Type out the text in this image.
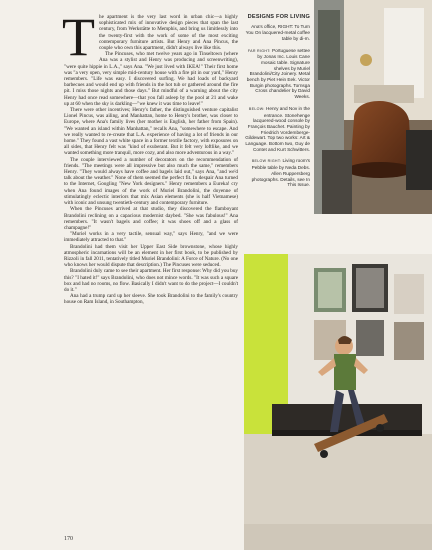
The apartment is the very last word in urban chic—a highly sophisticated mix of innovative design pieces that span the last century, from Werkstätte to Memphis, and bring us limitlessly into the twenty-first with the work of some of the most exciting contemporary furniture artists. But Henry and Ana Pincus, the couple who own this apartment, didn't always live like this.

The Pincuses, who met twelve years ago in Tinseltown (where Ana was a stylist and Henry was producing and screenwriting), "were quite hippie in L.A.," says Ana. "We just lived with IKEA!" Their first home was "a very open, very simple mid-century house with a fire pit in our yard," Henry remembers. "Life was easy. I discovered surfing. We had loads of backyard barbecues and would end up with friends in the hot tub or gathered around the fire pit. I miss those nights and those days." But mindful of a warning about the city Henry had once read somewhere—that you fall asleep by the pool at 21 and wake up at 60 when the sky is darkling—"we knew it was time to leave!"

There were other incentives; Henry's father, the distinguished venture capitalist Lionel Pincus, was ailing, and Manhattan, home to Henry's brother, was closer to Europe, where Ana's family lives (her mother is English, her father from Spain). "We wanted an island within Manhattan," recalls Ana, "somewhere to escape. And we really wanted to re-create that L.A. experience of having a lot of friends in our home." They found a vast white space in a former textile factory, with exposures on all sides, that Henry felt was "kind of exuberant. But it felt very loftlike, and we wanted something more tranquil, more cozy, and also more adventurous in a way."

The couple interviewed a number of decorators on the recommendation of friends. "The meetings were all impressive but also much the same," remembers Henry. "They would always have coffee and bagels laid out," says Ana, "and we'd talk about the weather." None of them seemed the perfect fit. In despair Ana turned to the Internet, Googling "New York designers." Henry remembers a Eureka! cry when Ana found images of the work of Muriel Brandolini, the doyenne of stimulatingly eclectic interiors that mix Asian elements (she is half Vietnamese) with iconic and unsung twentieth-century and contemporary furniture.

When the Pincuses arrived at that studio, they discovered the flamboyant Brandolini reclining on a capacious modernist daybed. "She was fabulous!" Ana remembers. "It wasn't bagels and coffee; it was shoes off and a glass of champagne!"

"Muriel works in a very tactile, sensual way," says Henry, "and we were immediately attracted to that."

Brandolini had them visit her Upper East Side brownstone, whose highly atmospheric incarnations will be an element in her first book, to be published by Rizzoli in fall 2011, tentatively titled Muriel Brandolini: A Force of Nature. (No one who knows her would dispute that description.) The Pincuses were seduced.

Brandolini duly came to see their apartment. Her first response: Why did you buy this? "I hated it!" says Brandolini, who does not mince words. "It was such a square box and had no rooms, no flow. Basically I didn't want to do the project—I couldn't do it."

Ana had a trump card up her sleeve. She took Brandolini to the family's country house on Ram Island, in Southampton,

170
DESIGNS FOR LIVING
Ana's office, RIGHT: To Turn You On lacquered-metal coffee table by di-m.
FAR RIGHT: Portuguese settee by Jonas Inc. Louis Cane mosaic table. Signature shelves by Muriel Brandolini/City Joinery. Metal bench by Piet Hein Eek. Victor Burgin photographs. Tornsga Cross chandelier by David Weeks.
BELOW: Henry and Nov in the entrance. Stonehenge lacquered-wood console by François Bauchet. Painting by Friedrich Vordemberge-Gildewart. Top two works: Art & Language. Bottom two, Guy de Contet and Kurt Schwitters.
BELOW RIGHT: Living room's Pebble table by Neda Debs. Allen Ruppersberg photographs. Details, see In This Issue.
